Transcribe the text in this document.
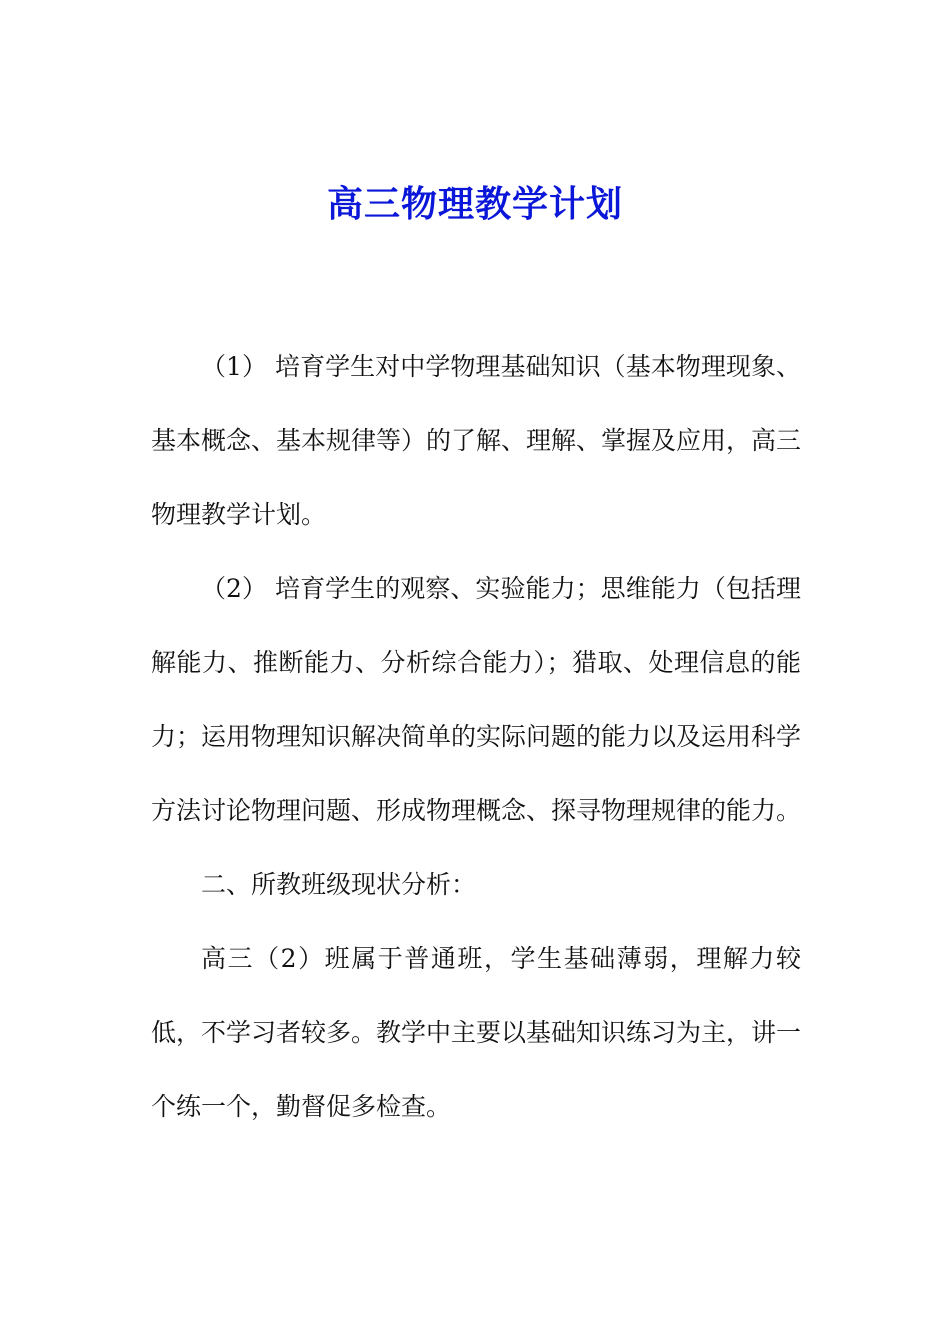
高三物理教学计划

（1） 培育学生对中学物理基础知识（基本物理现象、基本概念、基本规律等）的了解、理解、掌握及应用，高三物理教学计划。

（2） 培育学生的观察、实验能力；思维能力（包括理解能力、推断能力、分析综合能力）；猎取、处理信息的能力；运用物理知识解决简单的实际问题的能力以及运用科学方法讨论物理问题、形成物理概念、探寻物理规律的能力。

二、所教班级现状分析：

高三（2）班属于普通班，学生基础薄弱，理解力较低，不学习者较多。教学中主要以基础知识练习为主，讲一个练一个，勤督促多检查。
